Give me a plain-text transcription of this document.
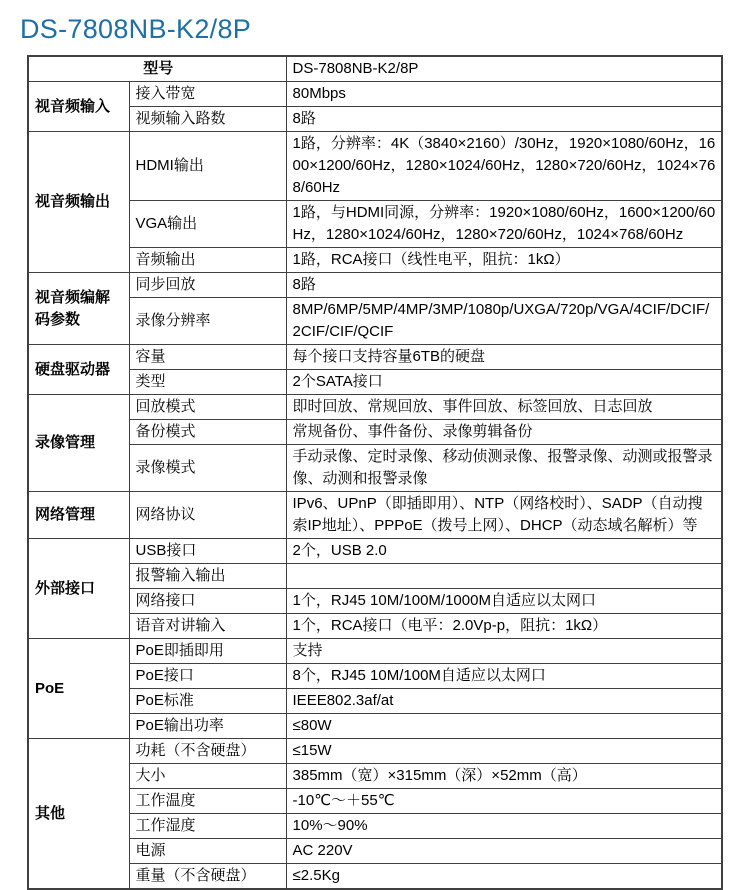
DS-7808NB-K2/8P
型号		DS-7808NB-K2/8P
视音频输入	接入带宽	80Mbps
	视频输入路数	8路
视音频输出	HDMI输出	1路，分辨率：4K（3840×2160）/30Hz，1920×1080/60Hz，1600×1200/60Hz，1280×1024/60Hz，1280×720/60Hz，1024×768/60Hz
	VGA输出	1路，与HDMI同源，分辨率：1920×1080/60Hz，1600×1200/60Hz，1280×1024/60Hz，1280×720/60Hz，1024×768/60Hz
	音频输出	1路，RCA接口（线性电平，阻抗：1kΩ）
视音频编解码参数	同步回放	8路
	录像分辨率	8MP/6MP/5MP/4MP/3MP/1080p/UXGA/720p/VGA/4CIF/DCIF/2CIF/CIF/QCIF
硬盘驱动器	容量	每个接口支持容量6TB的硬盘
	类型	2个SATA接口
录像管理	回放模式	即时回放、常规回放、事件回放、标签回放、日志回放
	备份模式	常规备份、事件备份、录像剪辑备份
	录像模式	手动录像、定时录像、移动侦测录像、报警录像、动测或报警录像、动测和报警录像
网络管理	网络协议	IPv6、UPnP（即插即用）、NTP（网络校时）、SADP（自动搜索IP地址）、PPPoE（拨号上网）、DHCP（动态域名解析）等
外部接口	USB接口	2个，USB 2.0
	报警输入输出	
	网络接口	1个，RJ45 10M/100M/1000M自适应以太网口
	语音对讲输入	1个，RCA接口（电平：2.0Vp-p，阻抗：1kΩ）
PoE	PoE即插即用	支持
	PoE接口	8个，RJ45 10M/100M自适应以太网口
	PoE标准	IEEE802.3af/at
	PoE输出功率	≤80W
其他	功耗（不含硬盘）	≤15W
	大小	385mm（宽）×315mm（深）×52mm（高）
	工作温度	-10℃～＋55℃
	工作湿度	10%～90%
	电源	AC 220V
	重量（不含硬盘）	≤2.5Kg
